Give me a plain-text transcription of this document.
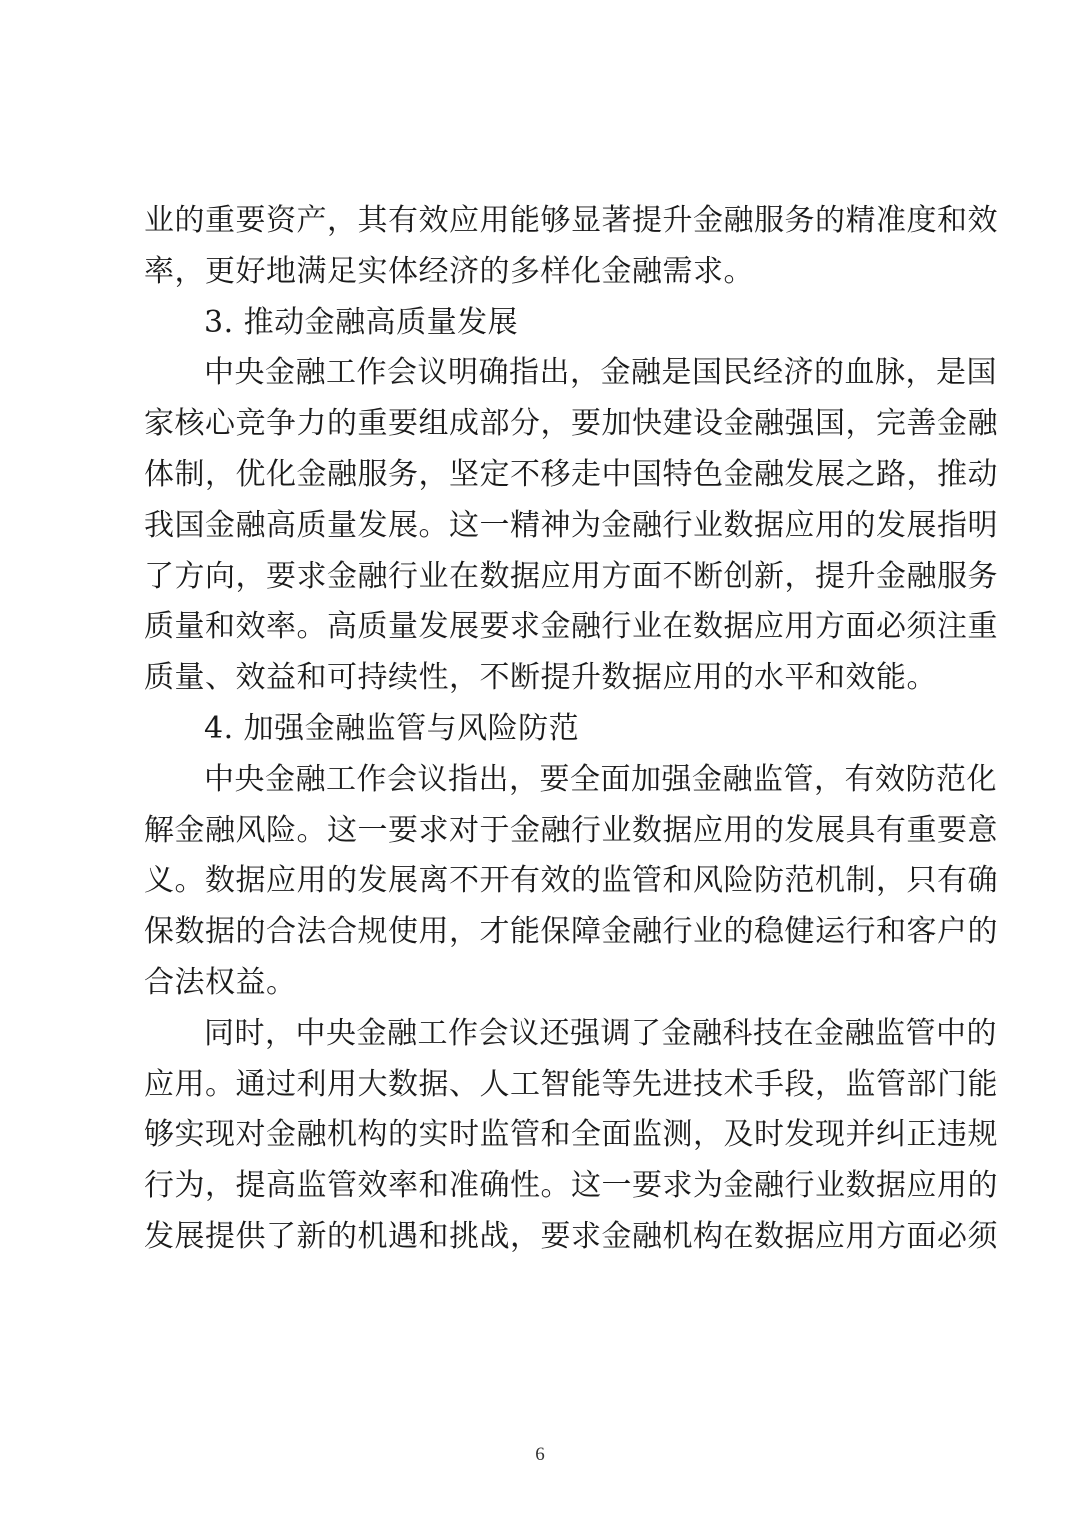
业的重要资产，其有效应用能够显著提升金融服务的精准度和效
率，更好地满足实体经济的多样化金融需求。
3. 推动金融高质量发展
中央金融工作会议明确指出，金融是国民经济的血脉，是国
家核心竞争力的重要组成部分，要加快建设金融强国，完善金融
体制，优化金融服务，坚定不移走中国特色金融发展之路，推动
我国金融高质量发展。这一精神为金融行业数据应用的发展指明
了方向，要求金融行业在数据应用方面不断创新，提升金融服务
质量和效率。高质量发展要求金融行业在数据应用方面必须注重
质量、效益和可持续性，不断提升数据应用的水平和效能。
4. 加强金融监管与风险防范
中央金融工作会议指出，要全面加强金融监管，有效防范化
解金融风险。这一要求对于金融行业数据应用的发展具有重要意
义。数据应用的发展离不开有效的监管和风险防范机制，只有确
保数据的合法合规使用，才能保障金融行业的稳健运行和客户的
合法权益。
同时，中央金融工作会议还强调了金融科技在金融监管中的
应用。通过利用大数据、人工智能等先进技术手段，监管部门能
够实现对金融机构的实时监管和全面监测，及时发现并纠正违规
行为，提高监管效率和准确性。这一要求为金融行业数据应用的
发展提供了新的机遇和挑战，要求金融机构在数据应用方面必须
6
